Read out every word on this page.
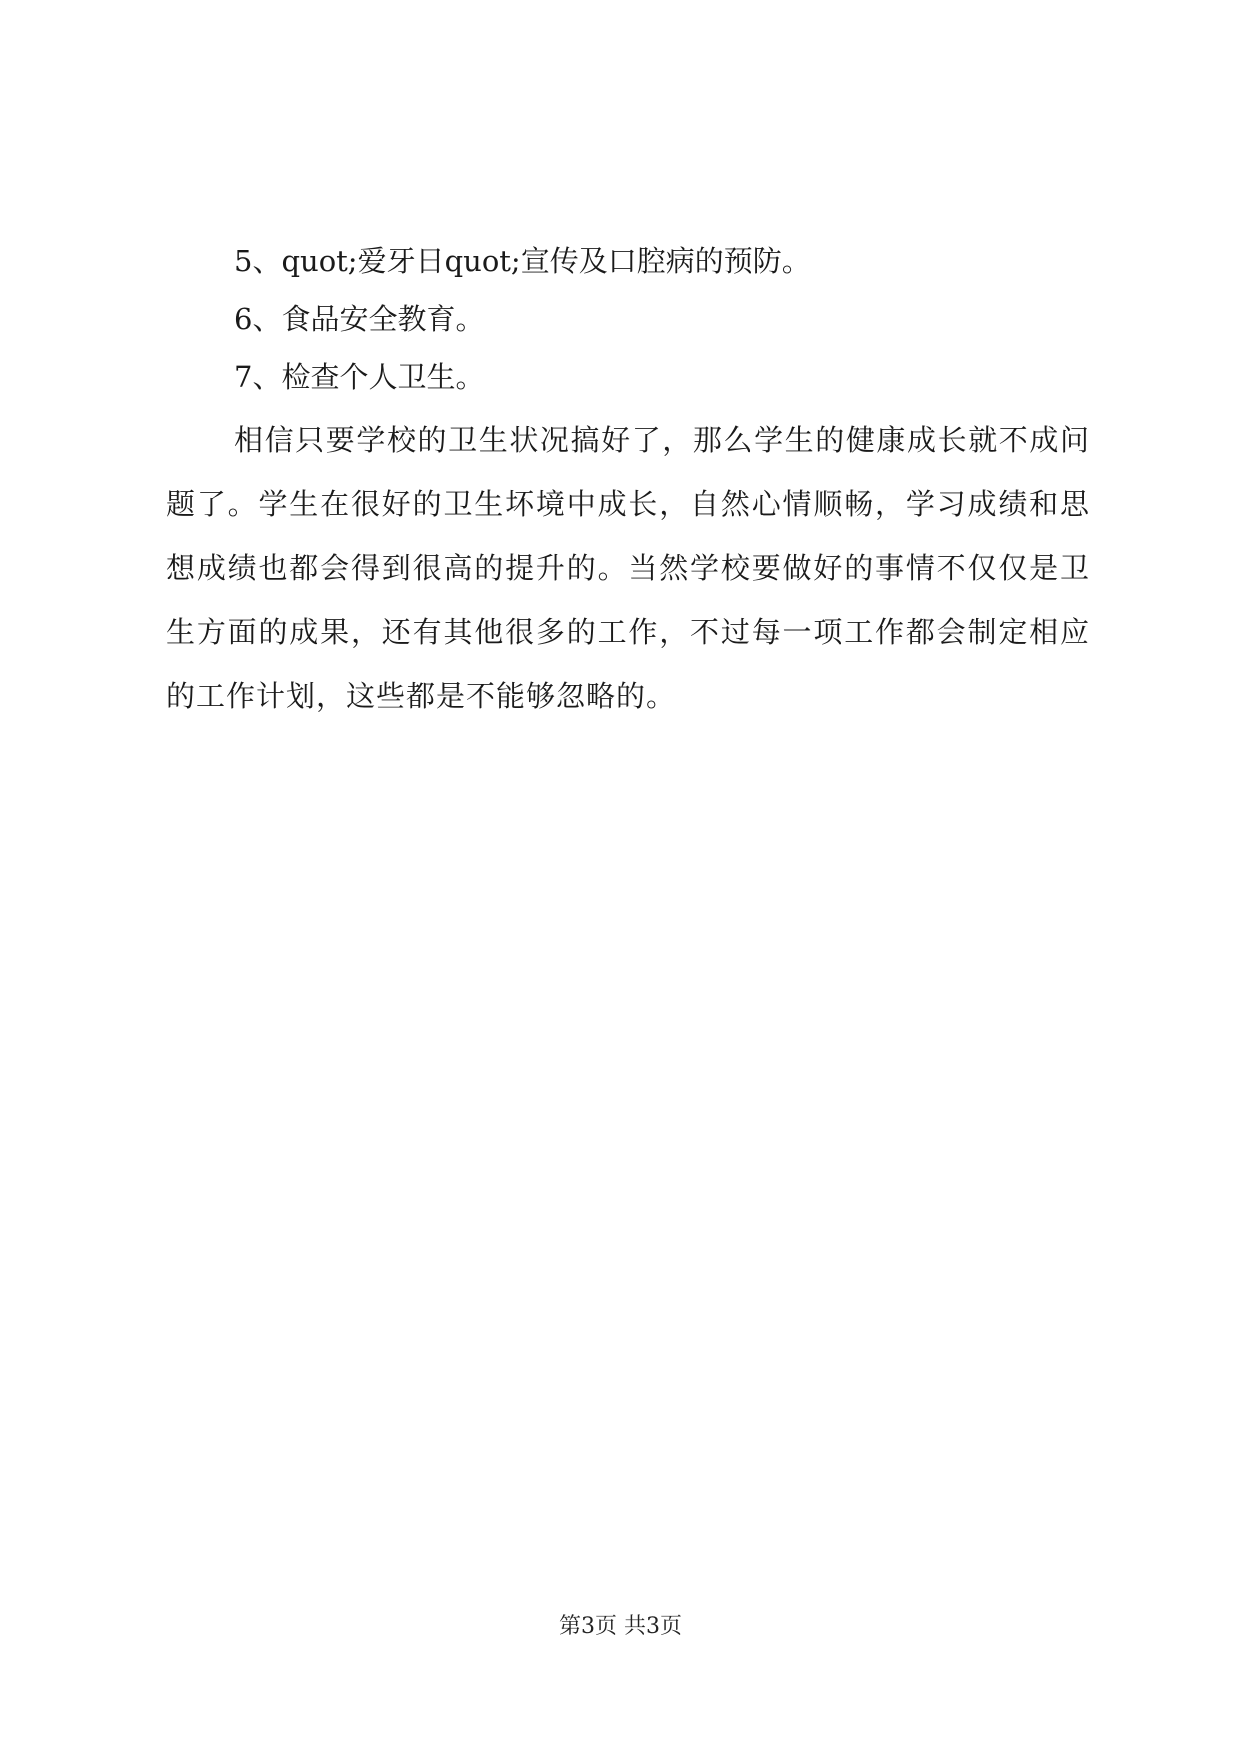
5、quot;爱牙日quot;宣传及口腔病的预防。

6、食品安全教育。

7、检查个人卫生。

相信只要学校的卫生状况搞好了，那么学生的健康成长就不成问题了。学生在很好的卫生坏境中成长，自然心情顺畅，学习成绩和思想成绩也都会得到很高的提升的。当然学校要做好的事情不仅仅是卫生方面的成果，还有其他很多的工作，不过每一项工作都会制定相应的工作计划，这些都是不能够忽略的。

第3页 共3页
